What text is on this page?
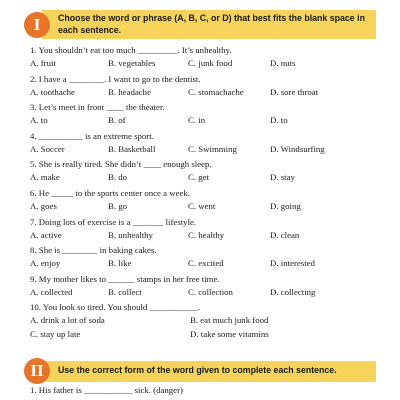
I	Choose the word or phrase (A, B, C, or D) that best fits the blank space in each sentence.
1. You shouldn’t eat too much _________. It’s unhealthy.
A. fruit	B. vegetables	C. junk food	D. nuts
2. I have a ________. I want to go to the dentist.
A. toothache	B. headache	C. stomachache	D. sore throat
3. Let’s meet in front ____ the theater.
A. to	B. of	C. in	D. to
4. __________ is an extreme sport.
A. Soccer	B. Basketball	C. Swimming	D. Windsurfing
5. She is really tired. She didn’t ____ enough sleep.
A. make	B. do	C. get	D. stay
6. He _____ to the sports center once a week.
A. goes	B. go	C. went	D. going
7. Doing lots of exercise is a _______ lifestyle.
A. active	B. unhealthy	C. healthy	D. clean
8. She is ________ in baking cakes.
A. enjoy	B. like	C. excited	D. interested
9. My mother likes to ______ stamps in her free time.
A. collected	B. collect	C. collection	D. collecting
10. You look so tired. You should ___________.
A. drink a lot of soda	B. eat much junk food
C. stay up late	D. take some vitamins
II	Use the correct form of the word given to complete each sentence.
1. His father is ___________ sick. (danger)
